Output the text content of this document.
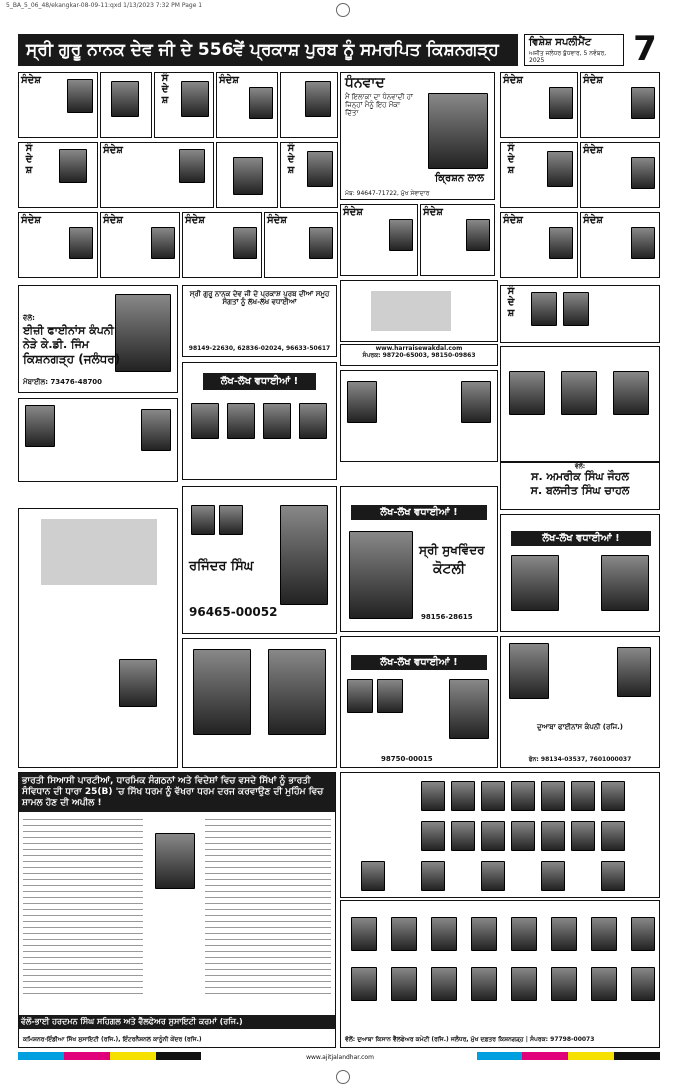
5_BA_5_06_48/ekangkar-08-09-11:qxd 1/13/2023 7:32 PM Page 1
ਸ੍ਰੀ ਗੁਰੂ ਨਾਨਕ ਦੇਵ ਜੀ ਦੇ 556ਵੇਂ ਪ੍ਰਕਾਸ਼ ਪੁਰਬ ਨੂੰ ਸਮਰਪਿਤ ਕਿਸ਼ਨਗੜ੍ਹ	ਵਿਸ਼ੇਸ਼ ਸਪਲੀਮੈਂਟ
ਅਜੀਤ ਜਲੰਧਰ ਬੁੱਧਵਾਰ, 5 ਨਵੰਬਰ, 2025	7
ਸੰਦੇਸ਼	ਸੰ
ਦੇ
ਸ਼
ਸੰਦੇਸ਼
ਸੰ
ਦੇ
ਸ਼
ਸੰਦੇਸ਼	ਸੰ
ਦੇ
ਸ਼
ਸੰਦੇਸ਼	ਸੰਦੇਸ਼	ਸੰਦੇਸ਼	ਸੰਦੇਸ਼
ਧੰਨਵਾਦ
ਮੈਂ ਇਲਾਕਾ ਦਾ ਧੰਨਵਾਦੀ ਹਾਂ ਜਿਨ੍ਹਾਂ ਮੈਨੂੰ ਇਹ ਮੌਕਾ ਦਿੱਤਾ
ਕ੍ਰਿਸ਼ਨ ਲਾਲ
ਮੋਬ: 94647-71722, ਮੁੱਖ ਸੇਵਾਦਾਰ
ਸੰਦੇਸ਼	ਸੰਦੇਸ਼
ਸੰ
ਦੇ
ਸ਼
ਸੰਦੇਸ਼
ਸੰਦੇਸ਼	ਸੰਦੇਸ਼
ਸੰਦੇਸ਼	ਸੰਦੇਸ਼
ਵੱਲੋਂ:
ਈਜ਼ੀ ਫਾਈਨਾਂਸ ਕੰਪਨੀ
ਨੇੜੇ ਕੇ.ਡੀ. ਜਿੰਮ
ਕਿਸ਼ਨਗੜ੍ਹ (ਜਲੰਧਰ)
ਮੋਬਾਈਲ: 73476-48700
ਸ੍ਰੀ ਗੁਰੂ ਨਾਨਕ ਦੇਵ ਜੀ ਦੇ ਪ੍ਰਕਾਸ਼ ਪੁਰਬ ਦੀਆਂ ਸਮੂਹ ਸੰਗਤਾਂ ਨੂੰ ਲੱਖ-ਲੱਖ ਵਧਾਈਆਂ
98149-22630, 62836-02024, 96633-50617
ਲੱਖ-ਲੱਖ ਵਧਾਈਆਂ !
www.harraisewakdal.com
ਸੰਪਰਕ: 98720-65003, 98150-09863
ਸੰ
ਦੇ
ਸ਼
ਵੱਲੋਂ:
ਸ. ਅਮਰੀਕ ਸਿੰਘ ਜੌਹਲ
ਸ. ਬਲਜੀਤ ਸਿੰਘ ਚਾਹਲ
ਰਜਿੰਦਰ ਸਿੰਘ
96465-00052
ਲੱਖ-ਲੱਖ ਵਧਾਈਆਂ !
ਸ੍ਰੀ ਸੁਖਵਿੰਦਰ
ਕੋਟਲੀ
98156-28615
ਲੱਖ-ਲੱਖ ਵਧਾਈਆਂ !
ਲੱਖ-ਲੱਖ ਵਧਾਈਆਂ !
98750-00015
ਦੁਆਬਾ ਫਾਈਨਾਂਸ ਕੰਪਨੀ (ਰਜਿ.)
ਫੋਨ: 98134-03537, 7601000037
ਭਾਰਤੀ ਸਿਆਸੀ ਪਾਰਟੀਆਂ, ਧਾਰਮਿਕ ਸੰਗਠਨਾਂ ਅਤੇ ਵਿਦੇਸ਼ਾਂ ਵਿਚ ਵਸਦੇ ਸਿੱਖਾਂ ਨੂੰ ਭਾਰਤੀ ਸੰਵਿਧਾਨ ਦੀ ਧਾਰਾ 25(B) 'ਚ ਸਿੱਖ ਧਰਮ ਨੂੰ ਵੱਖਰਾ ਧਰਮ ਦਰਜ ਕਰਵਾਉਣ ਦੀ ਮੁਹਿੰਮ ਵਿਚ ਸ਼ਾਮਲ ਹੋਣ ਦੀ ਅਪੀਲ !
ਵੱਲੋਂ-ਭਾਈ ਹਰਦਮਨ ਸਿੰਘ ਸਹਿਗਲ ਅਤੇ ਵੈੱਲਫੇਅਰ ਸੁਸਾਇਟੀ ਕਰਮਾਂ (ਰਜਿ.)
ਕਮਿਸ਼ਨਰ-ਇੰਡੀਆ ਸਿੱਖ ਸੁਸਾਇਟੀ (ਰਜਿ.), ਇੰਟਰਨੈਸ਼ਨਲ ਕਾਨੂੰਨੀ ਕੇਂਦਰ (ਰਜਿ.)	ਵੱਲੋਂ: ਦੁਆਬਾ ਕਿਸਾਨ ਵੈੱਲਫੇਅਰ ਕਮੇਟੀ (ਰਜਿ.) ਜਲੰਧਰ, ਮੁੱਖ ਦਫ਼ਤਰ ਕਿਸ਼ਨਗੜ੍ਹ | ਸੰਪਰਕ: 97798-00073
www.ajitjalandhar.com
